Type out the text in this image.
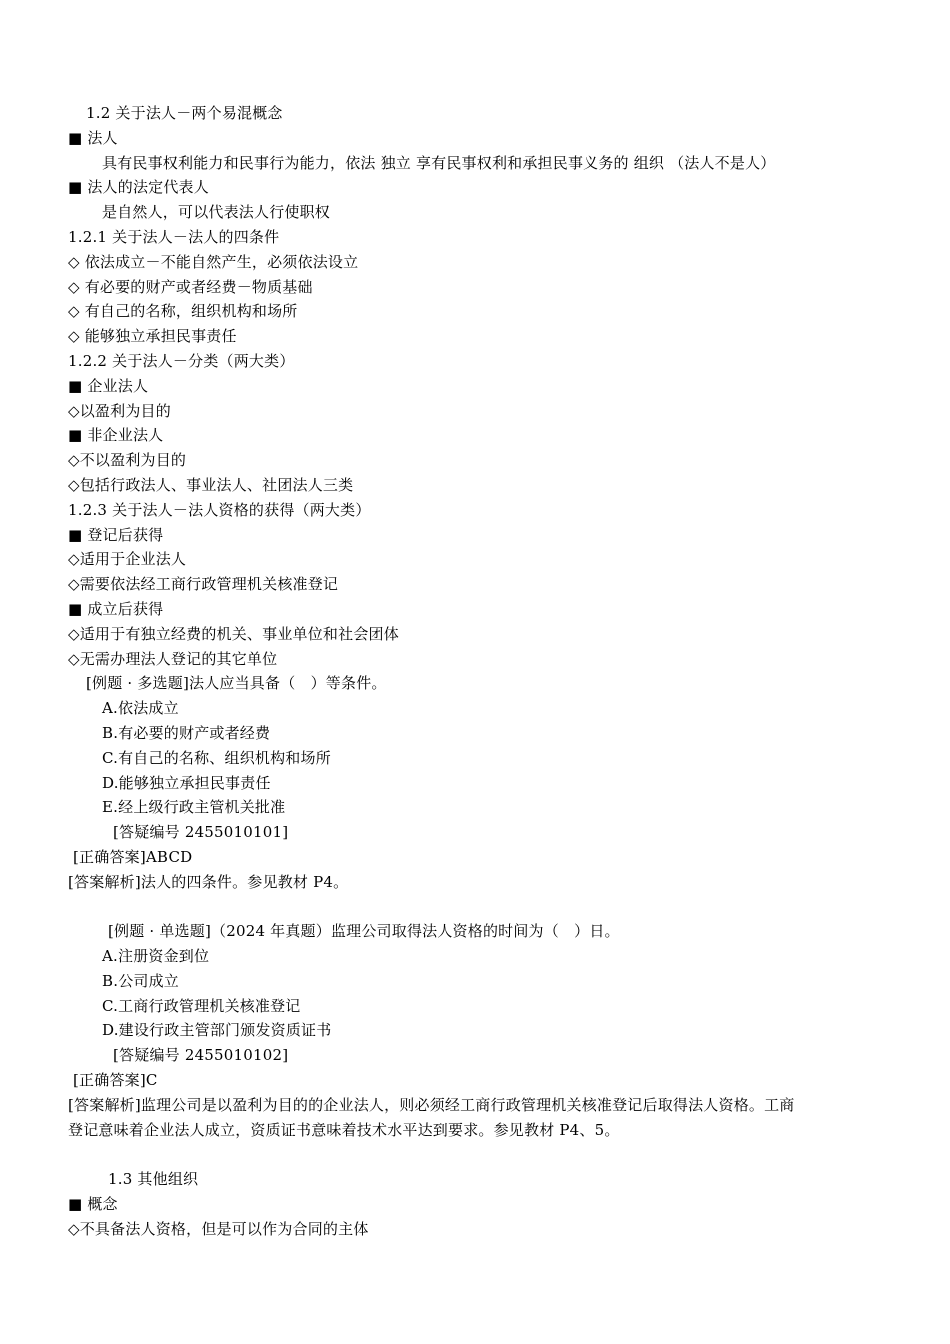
1.2 关于法人－两个易混概念
■ 法人
具有民事权利能力和民事行为能力，依法 独立 享有民事权利和承担民事义务的 组织 （法人不是人）
■ 法人的法定代表人
是自然人，可以代表法人行使职权
1.2.1 关于法人－法人的四条件
◇ 依法成立－不能自然产生，必须依法设立
◇ 有必要的财产或者经费－物质基础
◇ 有自己的名称，组织机构和场所
◇ 能够独立承担民事责任
1.2.2 关于法人－分类（两大类）
■ 企业法人
◇以盈利为目的
■ 非企业法人
◇不以盈利为目的
◇包括行政法人、事业法人、社团法人三类
1.2.3 关于法人－法人资格的获得（两大类）
■ 登记后获得
◇适用于企业法人
◇需要依法经工商行政管理机关核准登记
■ 成立后获得
◇适用于有独立经费的机关、事业单位和社会团体
◇无需办理法人登记的其它单位
[例题 · 多选题]法人应当具备（　）等条件。
A.依法成立
B.有必要的财产或者经费
C.有自己的名称、组织机构和场所
D.能够独立承担民事责任
E.经上级行政主管机关批准
[答疑编号 2455010101]
[正确答案]ABCD
[答案解析]法人的四条件。参见教材 P4。
[例题 · 单选题]（2024 年真题）监理公司取得法人资格的时间为（　）日。
A.注册资金到位
B.公司成立
C.工商行政管理机关核准登记
D.建设行政主管部门颁发资质证书
[答疑编号 2455010102]
[正确答案]C
[答案解析]监理公司是以盈利为目的的企业法人，则必须经工商行政管理机关核准登记后取得法人资格。工商
登记意味着企业法人成立，资质证书意味着技术水平达到要求。参见教材 P4、5。
1.3 其他组织
■ 概念
◇不具备法人资格，但是可以作为合同的主体
